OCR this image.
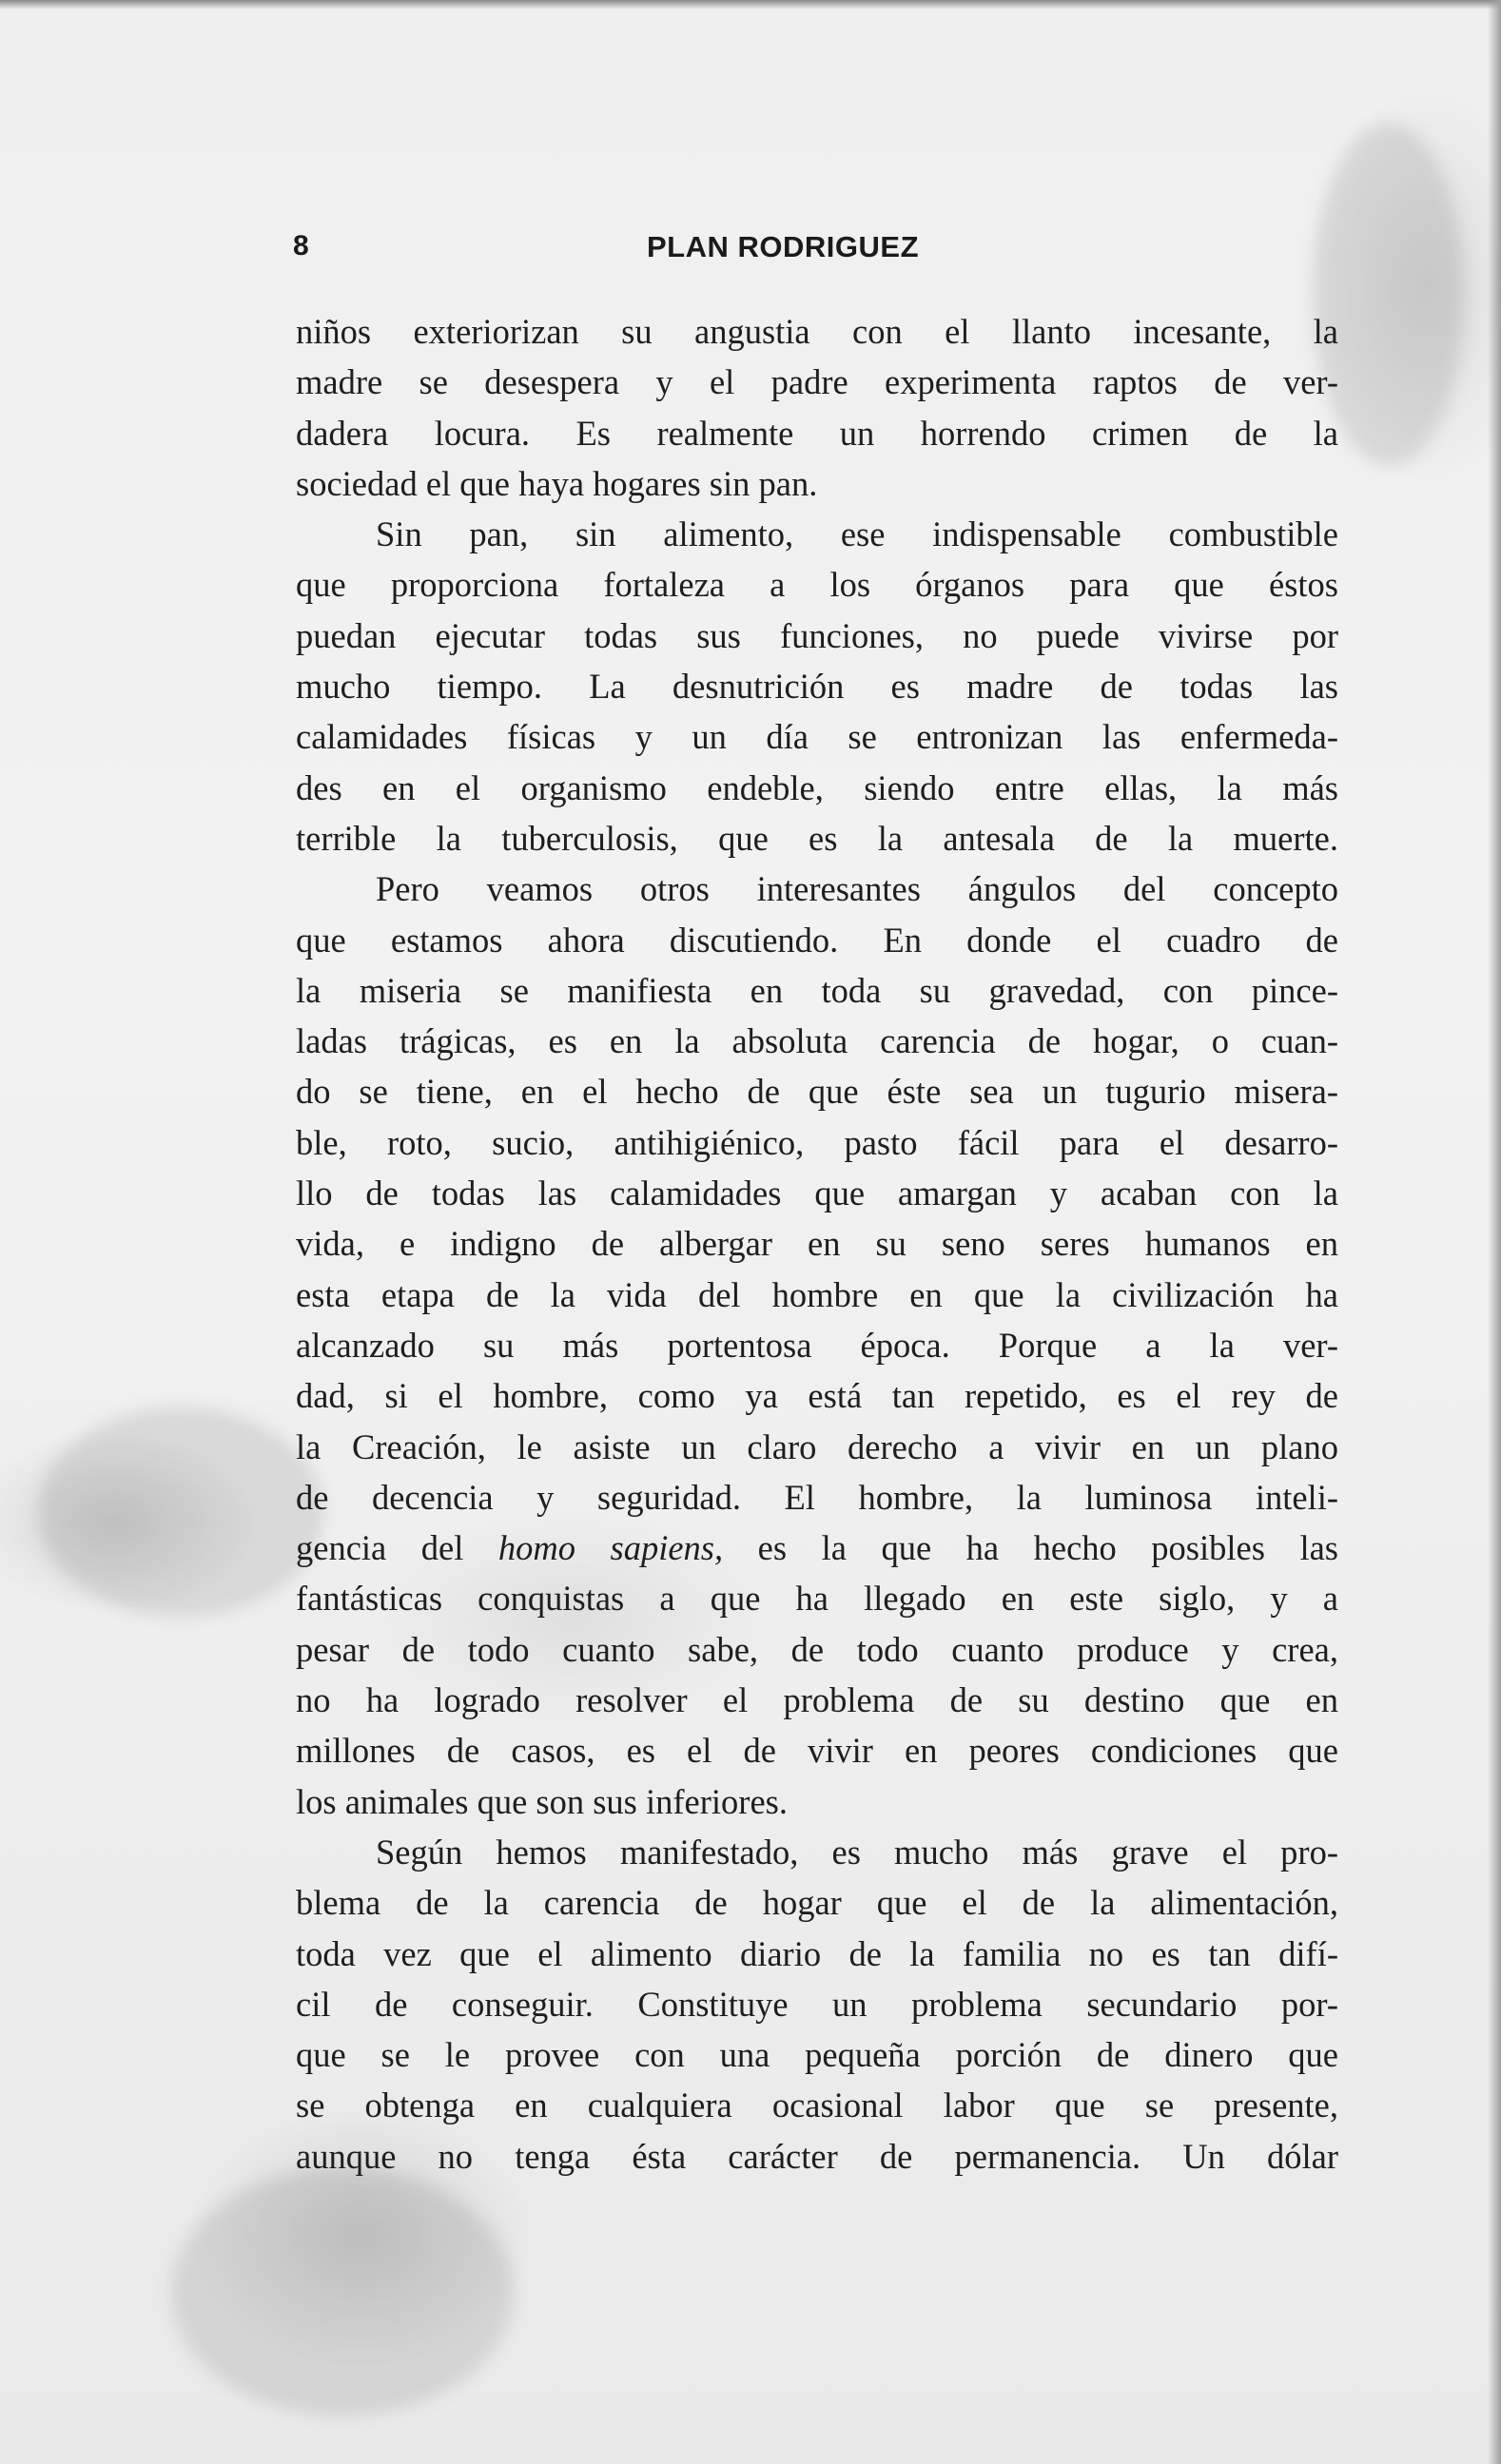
8	PLAN RODRIGUEZ
niños exteriorizan su angustia con el llanto incesante, la
madre se desespera y el padre experimenta raptos de ver-
dadera locura. Es realmente un horrendo crimen de la
sociedad el que haya hogares sin pan.
Sin pan, sin alimento, ese indispensable combustible
que proporciona fortaleza a los órganos para que éstos
puedan ejecutar todas sus funciones, no puede vivirse por
mucho tiempo. La desnutrición es madre de todas las
calamidades físicas y un día se entronizan las enfermeda-
des en el organismo endeble, siendo entre ellas, la más
terrible la tuberculosis, que es la antesala de la muerte.
Pero veamos otros interesantes ángulos del concepto
que estamos ahora discutiendo. En donde el cuadro de
la miseria se manifiesta en toda su gravedad, con pince-
ladas trágicas, es en la absoluta carencia de hogar, o cuan-
do se tiene, en el hecho de que éste sea un tugurio misera-
ble, roto, sucio, antihigiénico, pasto fácil para el desarro-
llo de todas las calamidades que amargan y acaban con la
vida, e indigno de albergar en su seno seres humanos en
esta etapa de la vida del hombre en que la civilización ha
alcanzado su más portentosa época. Porque a la ver-
dad, si el hombre, como ya está tan repetido, es el rey de
la Creación, le asiste un claro derecho a vivir en un plano
de decencia y seguridad. El hombre, la luminosa inteli-
gencia del homo sapiens, es la que ha hecho posibles las
fantásticas conquistas a que ha llegado en este siglo, y a
pesar de todo cuanto sabe, de todo cuanto produce y crea,
no ha logrado resolver el problema de su destino que en
millones de casos, es el de vivir en peores condiciones que
los animales que son sus inferiores.
Según hemos manifestado, es mucho más grave el pro-
blema de la carencia de hogar que el de la alimentación,
toda vez que el alimento diario de la familia no es tan difí-
cil de conseguir. Constituye un problema secundario por-
que se le provee con una pequeña porción de dinero que
se obtenga en cualquiera ocasional labor que se presente,
aunque no tenga ésta carácter de permanencia. Un dólar
